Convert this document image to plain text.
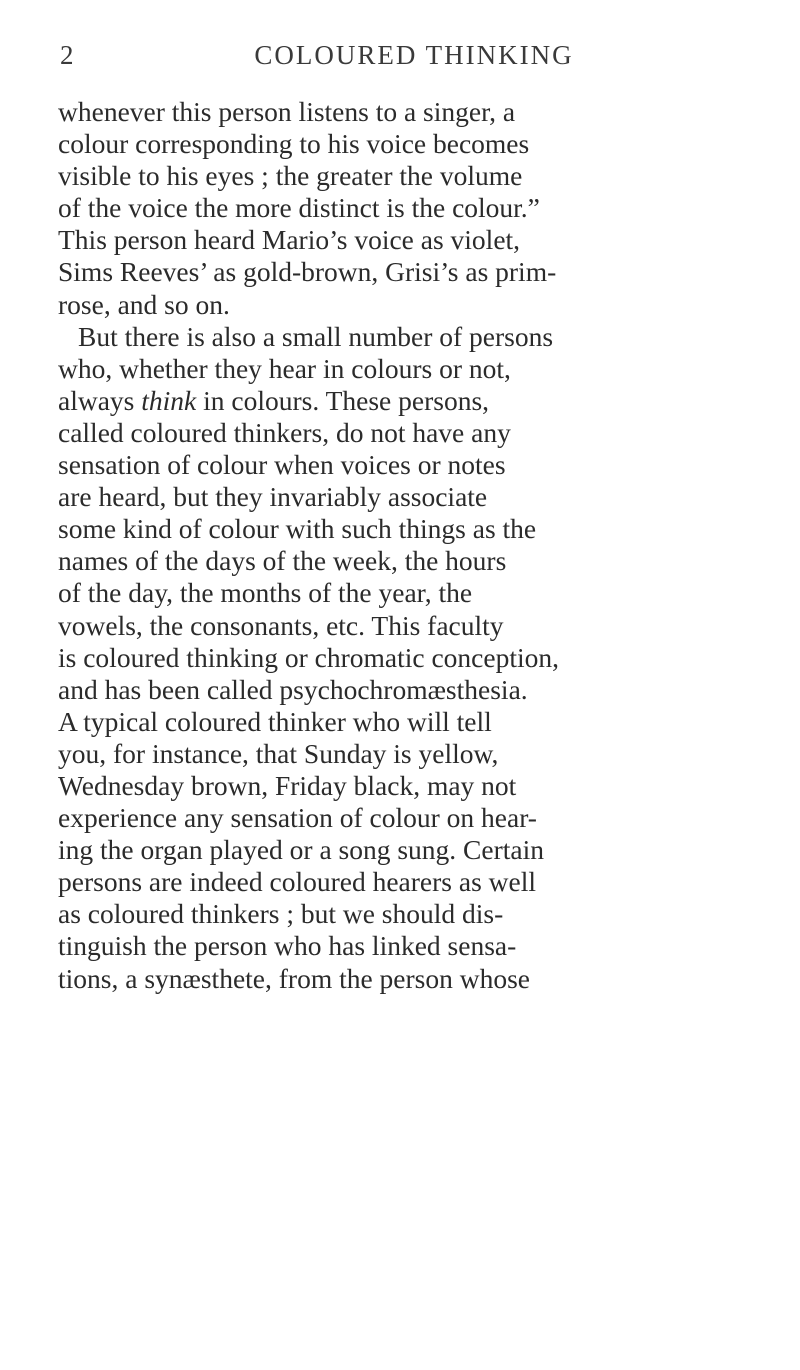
2	COLOURED THINKING
whenever this person listens to a singer, a
colour corresponding to his voice becomes
visible to his eyes ; the greater the volume
of the voice the more distinct is the colour.”
This person heard Mario’s voice as violet,
Sims Reeves’ as gold-brown, Grisi’s as prim-
rose, and so on.
But there is also a small number of persons
who, whether they hear in colours or not,
always think in colours. These persons,
called coloured thinkers, do not have any
sensation of colour when voices or notes
are heard, but they invariably associate
some kind of colour with such things as the
names of the days of the week, the hours
of the day, the months of the year, the
vowels, the consonants, etc. This faculty
is coloured thinking or chromatic conception,
and has been called psychochromæsthesia.
A typical coloured thinker who will tell
you, for instance, that Sunday is yellow,
Wednesday brown, Friday black, may not
experience any sensation of colour on hear-
ing the organ played or a song sung. Certain
persons are indeed coloured hearers as well
as coloured thinkers ; but we should dis-
tinguish the person who has linked sensa-
tions, a synæsthete, from the person whose
